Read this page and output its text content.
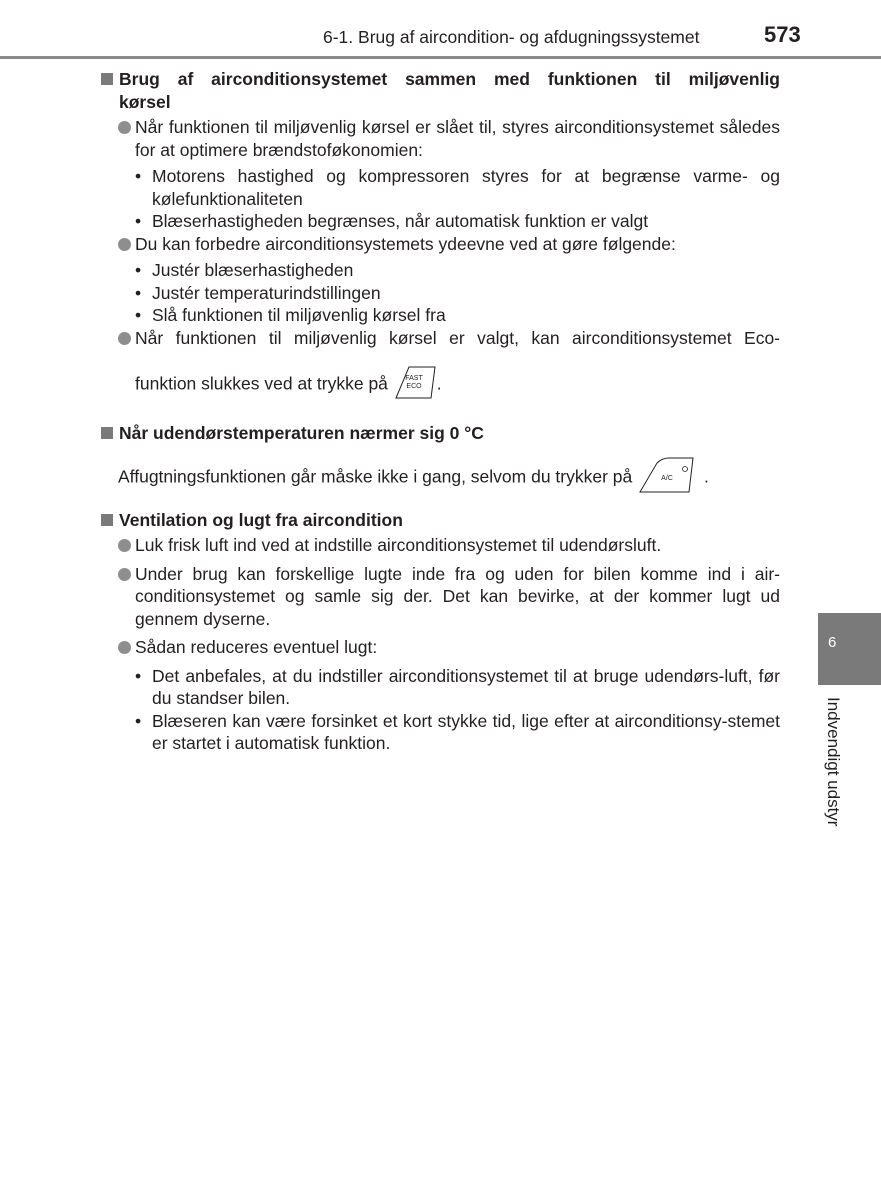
6-1. Brug af aircondition- og afdugningssystemet	573
Brug af airconditionsystemet sammen med funktionen til miljøvenlig
kørsel
Når funktionen til miljøvenlig kørsel er slået til, styres airconditionsystemet således for at optimere brændstoføkonomien:
• Motorens hastighed og kompressoren styres for at begrænse varme- og kølefunktionaliteten
• Blæserhastigheden begrænses, når automatisk funktion er valgt
Du kan forbedre airconditionsystemets ydeevne ved at gøre følgende:
• Justér blæserhastigheden
• Justér temperaturindstillingen
• Slå funktionen til miljøvenlig kørsel fra
Når funktionen til miljøvenlig kørsel er valgt, kan airconditionsystemet Eco-
funktion slukkes ved at trykke på FAST
ECO .
Når udendørstemperaturen nærmer sig 0 °C
Affugtningsfunktionen går måske ikke i gang, selvom du trykker på	A/C .
Ventilation og lugt fra aircondition
Luk frisk luft ind ved at indstille airconditionsystemet til udendørsluft.
Under brug kan forskellige lugte inde fra og uden for bilen komme ind i air-conditionsystemet og samle sig der. Det kan bevirke, at der kommer lugt ud gennem dyserne.
Sådan reduceres eventuel lugt:
• Det anbefales, at du indstiller airconditionsystemet til at bruge udendørs-luft, før du standser bilen.
• Blæseren kan være forsinket et kort stykke tid, lige efter at airconditionsy-stemet er startet i automatisk funktion.
6
Indvendigt udstyr
